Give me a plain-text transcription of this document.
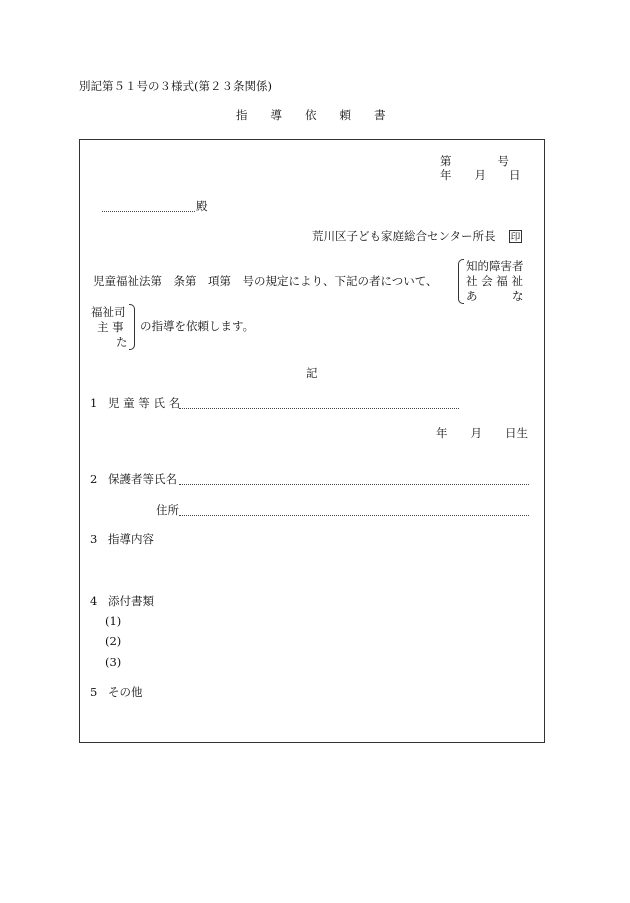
別記第５１号の３様式(第２３条関係)
指　　導　　依　　頼　　書
第　　　　号
年　　月　　日
殿
荒川区子ども家庭総合センター所長 印
児童福祉法第　条第　項第　号の規定により、下記の者について、
知的障害者
社 会 福 祉
あ　　　な
福祉司
主 事
た
の指導を依頼します。
記
1 児 童 等 氏 名
年　　月　　日生
2 保護者等氏名
住所
3 指導内容
4 添付書類
(1)
(2)
(3)
5 その他
